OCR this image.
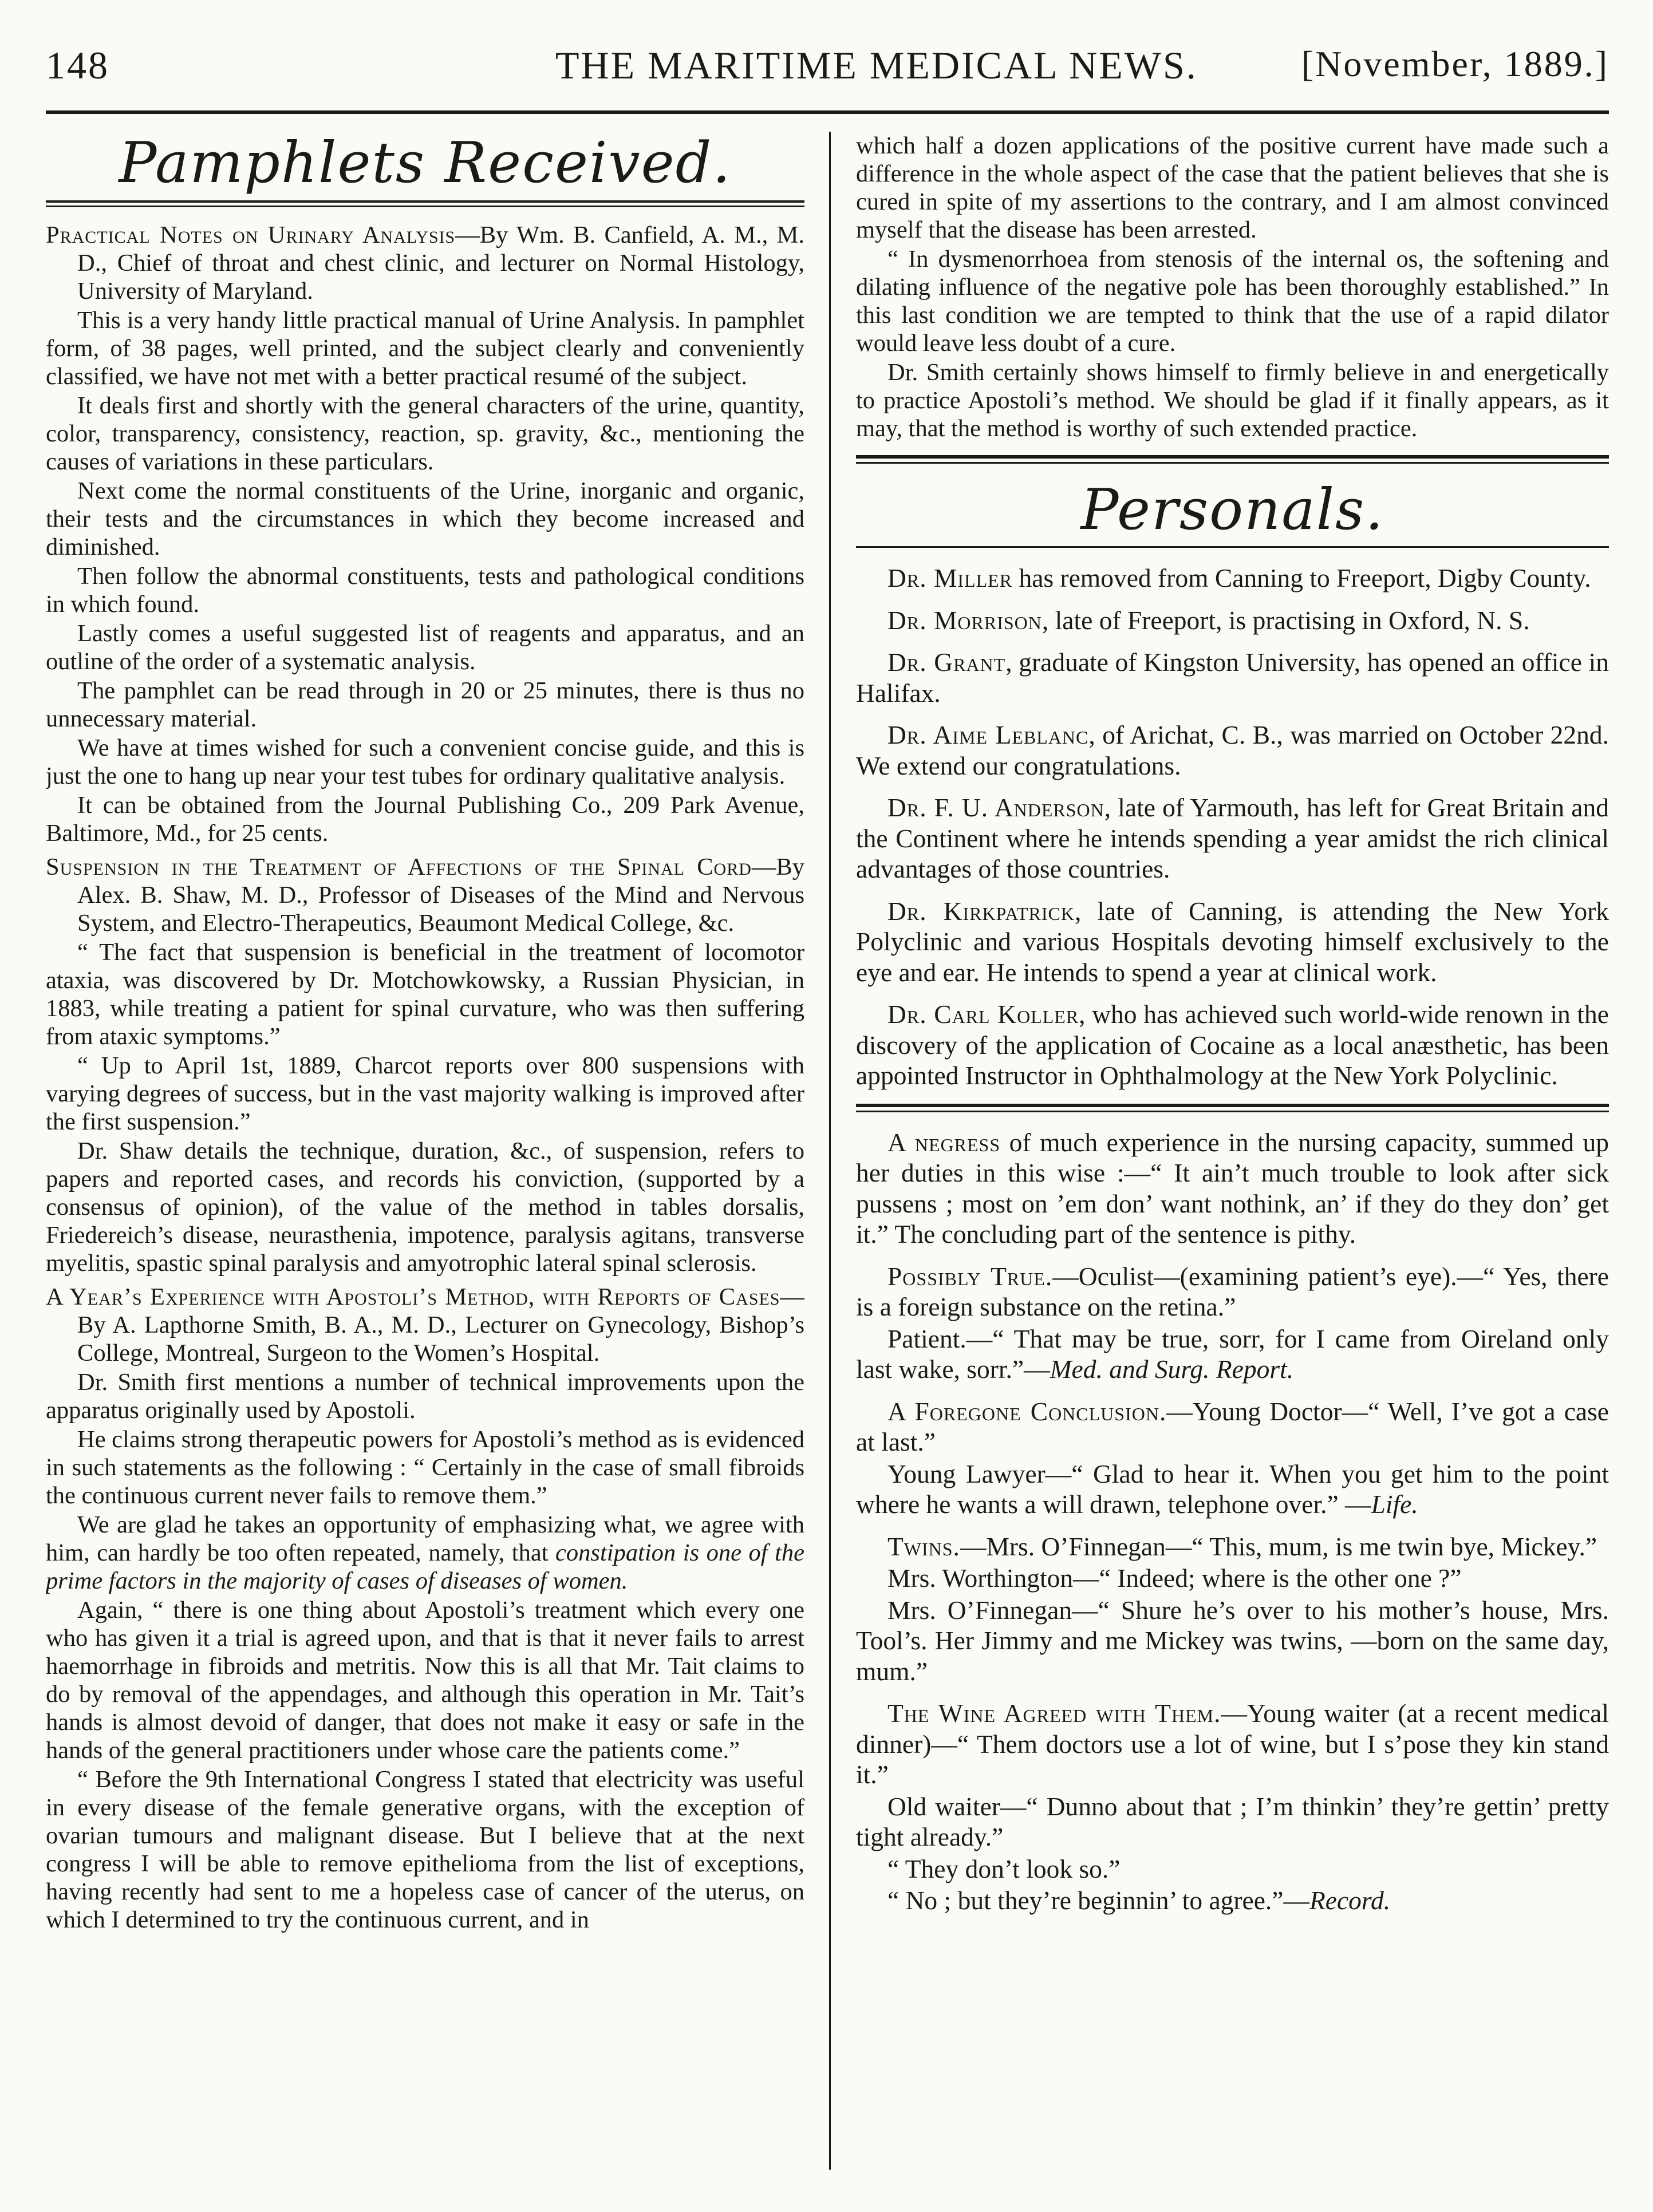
148	THE MARITIME MEDICAL NEWS.	[November, 1889.]
Pamphlets Received.

Practical Notes on Urinary Analysis—By Wm. B. Canfield, A. M., M. D., Chief of throat and chest clinic, and lecturer on Normal Histology, University of Maryland.

This is a very handy little practical manual of Urine Analysis. In pamphlet form, of 38 pages, well printed, and the subject clearly and conveniently classified, we have not met with a better practical resumé of the subject.

It deals first and shortly with the general characters of the urine, quantity, color, transparency, consistency, reaction, sp. gravity, &c., mentioning the causes of variations in these particulars.

Next come the normal constituents of the Urine, inorganic and organic, their tests and the circumstances in which they become increased and diminished.

Then follow the abnormal constituents, tests and pathological conditions in which found.

Lastly comes a useful suggested list of reagents and apparatus, and an outline of the order of a systematic analysis.

The pamphlet can be read through in 20 or 25 minutes, there is thus no unnecessary material.

We have at times wished for such a convenient concise guide, and this is just the one to hang up near your test tubes for ordinary qualitative analysis.

It can be obtained from the Journal Publishing Co., 209 Park Avenue, Baltimore, Md., for 25 cents.

Suspension in the Treatment of Affections of the Spinal Cord—By Alex. B. Shaw, M. D., Professor of Diseases of the Mind and Nervous System, and Electro-Therapeutics, Beaumont Medical College, &c.

“ The fact that suspension is beneficial in the treatment of locomotor ataxia, was discovered by Dr. Motchowkowsky, a Russian Physician, in 1883, while treating a patient for spinal curvature, who was then suffering from ataxic symptoms.”

“ Up to April 1st, 1889, Charcot reports over 800 suspensions with varying degrees of success, but in the vast majority walking is improved after the first suspension.”

Dr. Shaw details the technique, duration, &c., of suspension, refers to papers and reported cases, and records his conviction, (supported by a consensus of opinion), of the value of the method in tables dorsalis, Friedereich’s disease, neurasthenia, impotence, paralysis agitans, transverse myelitis, spastic spinal paralysis and amyotrophic lateral spinal sclerosis.

A Year’s Experience with Apostoli’s Method, with Reports of Cases—By A. Lapthorne Smith, B. A., M. D., Lecturer on Gynecology, Bishop’s College, Montreal, Surgeon to the Women’s Hospital.

Dr. Smith first mentions a number of technical improvements upon the apparatus originally used by Apostoli.

He claims strong therapeutic powers for Apostoli’s method as is evidenced in such statements as the following : “ Certainly in the case of small fibroids the continuous current never fails to remove them.”

We are glad he takes an opportunity of emphasizing what, we agree with him, can hardly be too often repeated, namely, that constipation is one of the prime factors in the majority of cases of diseases of women.

Again, “ there is one thing about Apostoli’s treatment which every one who has given it a trial is agreed upon, and that is that it never fails to arrest haemorrhage in fibroids and metritis. Now this is all that Mr. Tait claims to do by removal of the appendages, and although this operation in Mr. Tait’s hands is almost devoid of danger, that does not make it easy or safe in the hands of the general practitioners under whose care the patients come.”

“ Before the 9th International Congress I stated that electricity was useful in every disease of the female generative organs, with the exception of ovarian tumours and malignant disease. But I believe that at the next congress I will be able to remove epithelioma from the list of exceptions, having recently had sent to me a hopeless case of cancer of the uterus, on which I determined to try the continuous current, and in

which half a dozen applications of the positive current have made such a difference in the whole aspect of the case that the patient believes that she is cured in spite of my assertions to the contrary, and I am almost convinced myself that the disease has been arrested.

“ In dysmenorrhoea from stenosis of the internal os, the softening and dilating influence of the negative pole has been thoroughly established.” In this last condition we are tempted to think that the use of a rapid dilator would leave less doubt of a cure.

Dr. Smith certainly shows himself to firmly believe in and energetically to practice Apostoli’s method. We should be glad if it finally appears, as it may, that the method is worthy of such extended practice.

Personals.

Dr. Miller has removed from Canning to Freeport, Digby County.

Dr. Morrison, late of Freeport, is practising in Oxford, N. S.

Dr. Grant, graduate of Kingston University, has opened an office in Halifax.

Dr. Aime Leblanc, of Arichat, C. B., was married on October 22nd. We extend our congratulations.

Dr. F. U. Anderson, late of Yarmouth, has left for Great Britain and the Continent where he intends spending a year amidst the rich clinical advantages of those countries.

Dr. Kirkpatrick, late of Canning, is attending the New York Polyclinic and various Hospitals devoting himself exclusively to the eye and ear. He intends to spend a year at clinical work.

Dr. Carl Koller, who has achieved such world-wide renown in the discovery of the application of Cocaine as a local anæsthetic, has been appointed Instructor in Ophthalmology at the New York Polyclinic.

A negress of much experience in the nursing capacity, summed up her duties in this wise :—“ It ain’t much trouble to look after sick pussens ; most on ’em don’ want nothink, an’ if they do they don’ get it.” The concluding part of the sentence is pithy.

Possibly True.—Oculist—(examining patient’s eye).—“ Yes, there is a foreign substance on the retina.”

Patient.—“ That may be true, sorr, for I came from Oireland only last wake, sorr.”—Med. and Surg. Report.

A Foregone Conclusion.—Young Doctor—“ Well, I’ve got a case at last.”

Young Lawyer—“ Glad to hear it. When you get him to the point where he wants a will drawn, telephone over.” —Life.

Twins.—Mrs. O’Finnegan—“ This, mum, is me twin bye, Mickey.”

Mrs. Worthington—“ Indeed; where is the other one ?”

Mrs. O’Finnegan—“ Shure he’s over to his mother’s house, Mrs. Tool’s. Her Jimmy and me Mickey was twins, —born on the same day, mum.”

The Wine Agreed with Them.—Young waiter (at a recent medical dinner)—“ Them doctors use a lot of wine, but I s’pose they kin stand it.”

Old waiter—“ Dunno about that ; I’m thinkin’ they’re gettin’ pretty tight already.”

“ They don’t look so.”

“ No ; but they’re beginnin’ to agree.”—Record.
